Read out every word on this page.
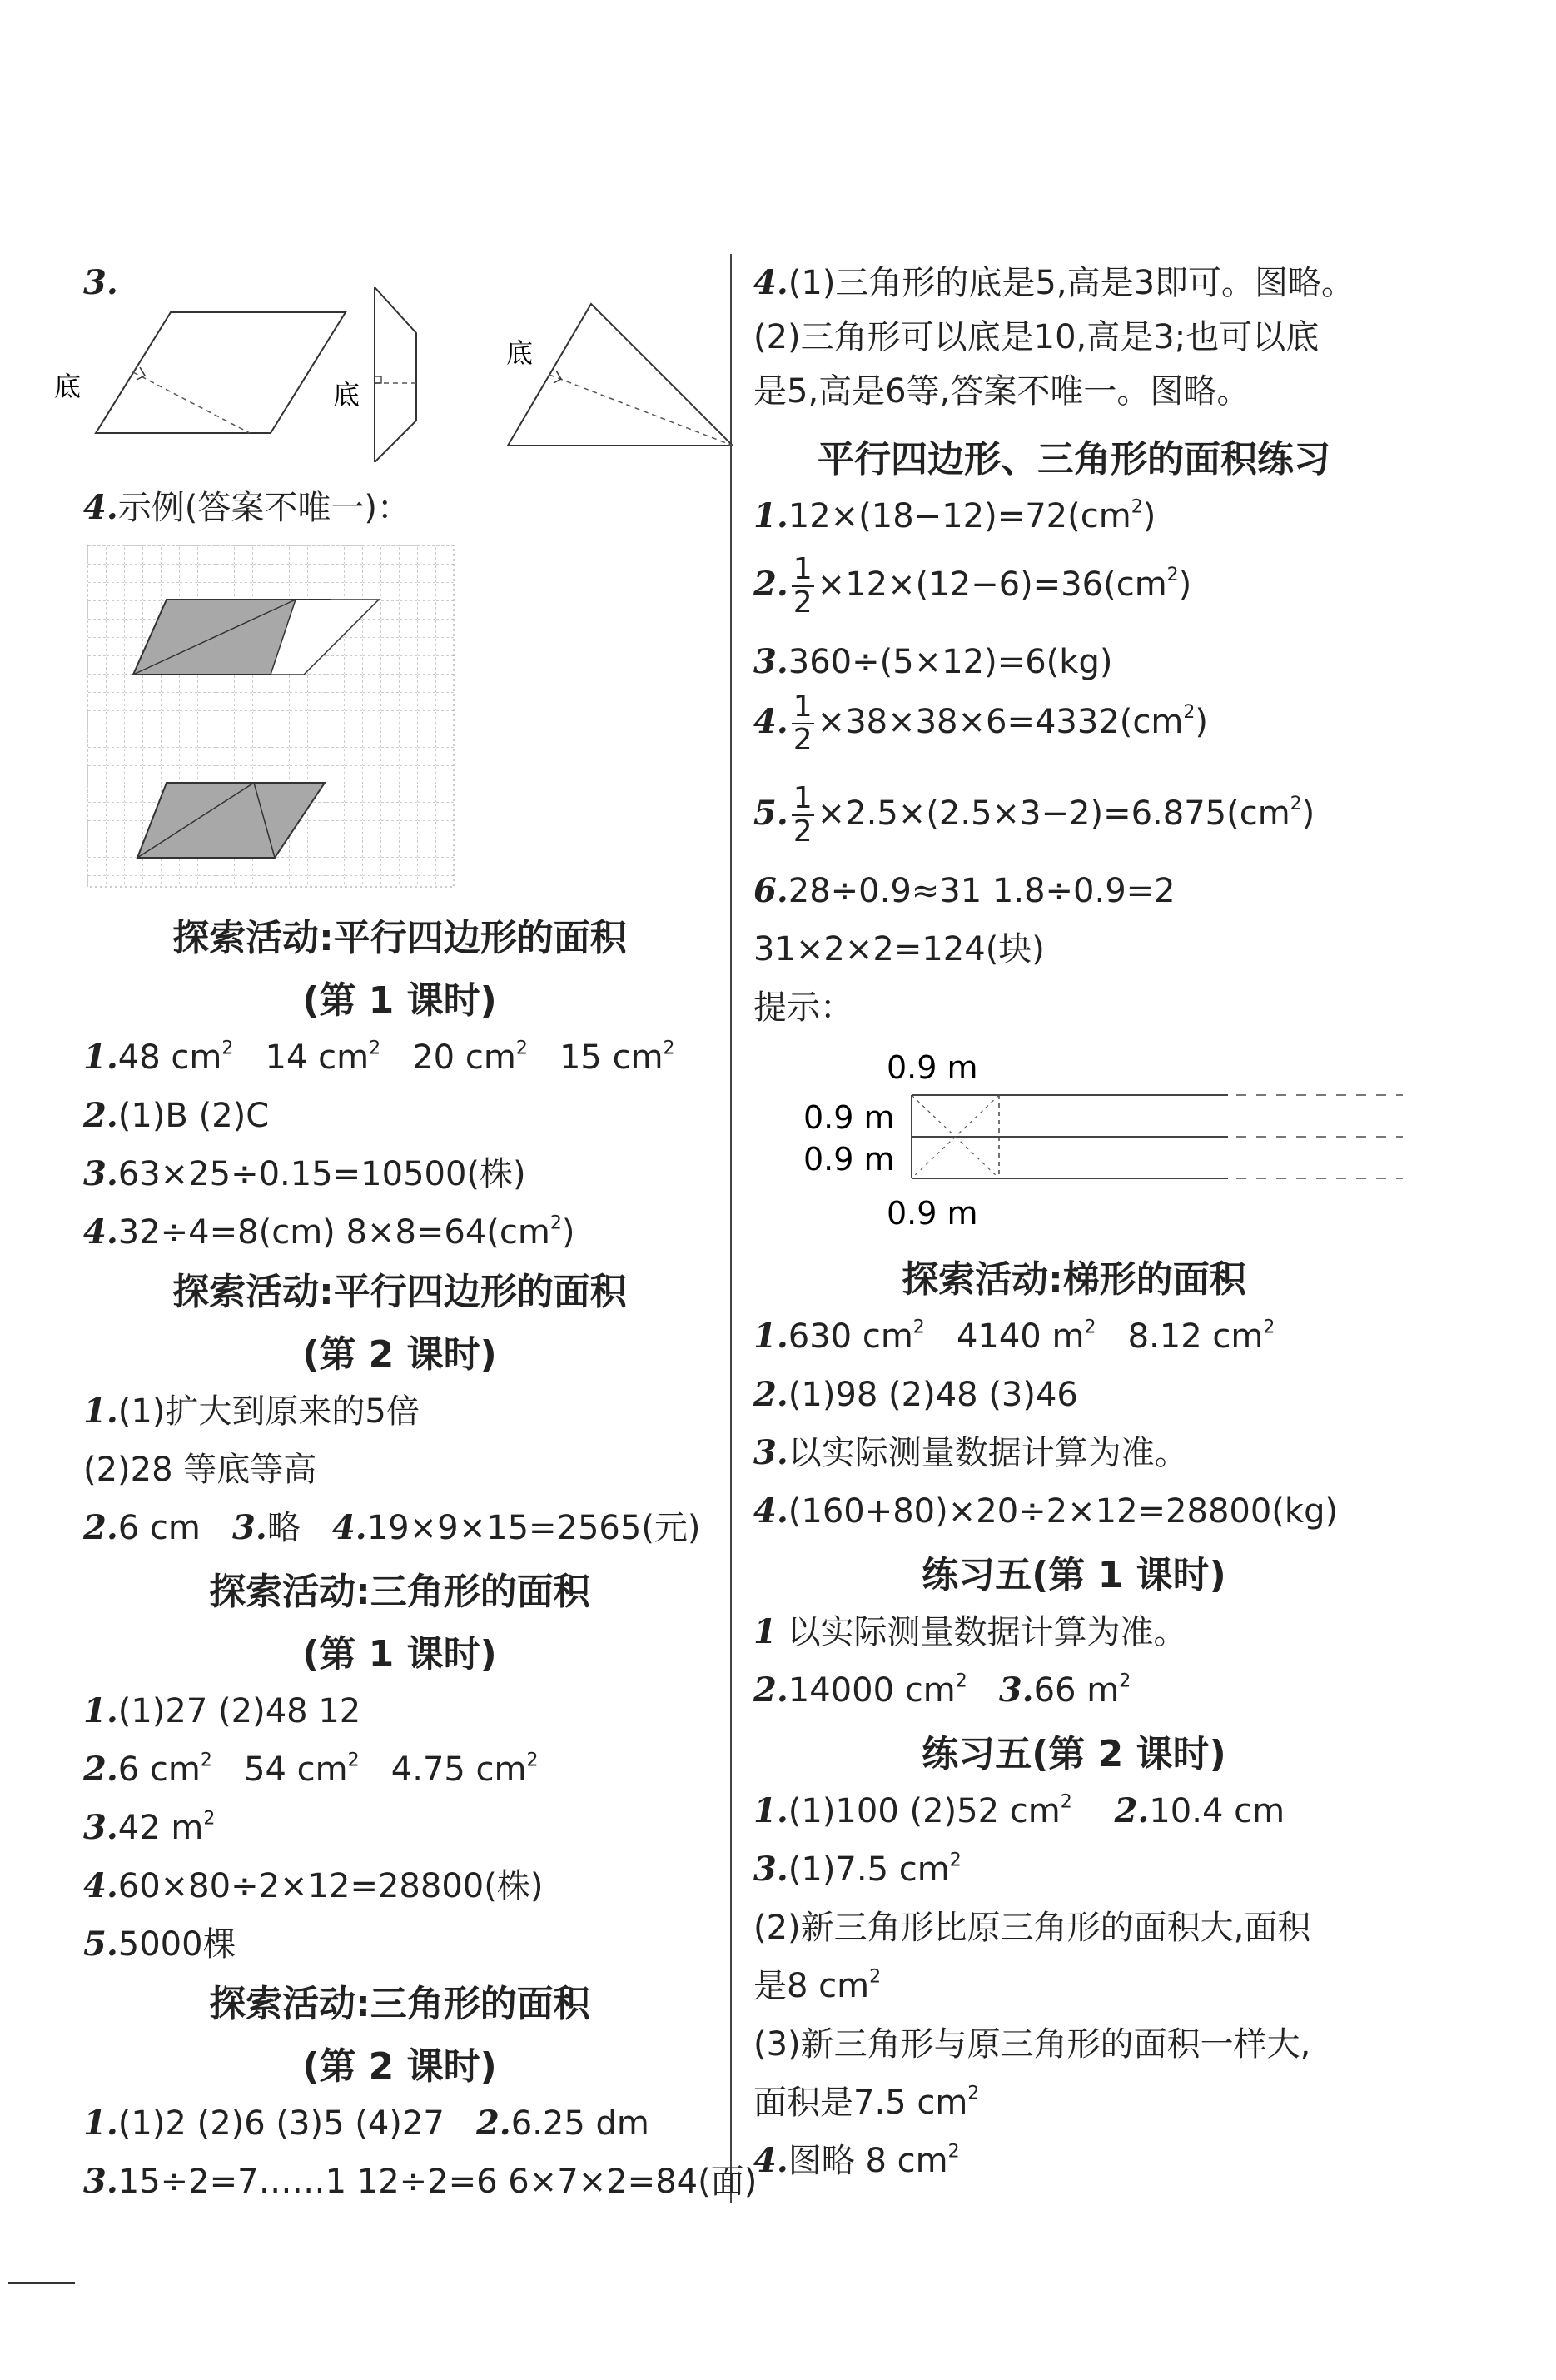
3.
底	底
底
4.示例(答案不唯一)：
探索活动:平行四边形的面积
(第 1 课时)
1.48 $cm^2$ 14 $cm^2$ 20 $cm^2$ 15 $cm^2$
2.(1)B (2)C
3.63×25÷0.15=10500(株)
4.32÷4=8(cm) $8\times 8=64(cm^2)$
探索活动:平行四边形的面积
(第 2 课时)
1.(1)扩大到原来的5倍
(2)28 等底等高
2.6 cm 3.略 4.19×9×15=2565(元)
探索活动:三角形的面积
(第 1 课时)
1.(1)27 (2)48 12
2.6 $cm^2$ 54 $cm^2$ 4.75 $cm^2$
3.42 $m^2$
4.60×80÷2×12=28800(株)
5.5000棵
探索活动:三角形的面积
(第 2 课时)
1.(1)2 (2)6 (3)5 (4)27 2.6.25 dm
3.15÷2=7……1 12÷2=6 6×7×2=84(面)
4.(1)三角形的底是5,高是3即可。图略。
(2)三角形可以底是10,高是3;也可以底
是5,高是6等,答案不唯一。图略。
平行四边形、三角形的面积练习
$1.12\times(18-12)=72(cm^2)$
2. $\frac{1}{2} \times 12\times(12-6)=36(cm^2)$
3.360÷(5×12)=6(kg)
4. $\frac{1}{2} \times 38\times 38\times 6=4332(cm^2)$
5. $\frac{1}{2} \times 2.5\times(2.5\times 3-2)=6.875(cm^2)$
6.28÷0.9≈31 1.8÷0.9=2
31×2×2=124(块)
提示：
0.9 m
0.9 m
0.9 m
0.9 m
探索活动:梯形的面积
1.630 $cm^2$ 4140 $m^2$ 8.12 $cm^2$
2.(1)98 (2)48 (3)46
3.以实际测量数据计算为准。
4.(160+80)×20÷2×12=28800(kg)
练习五(第 1 课时)
1 以实际测量数据计算为准。
2.14000 $cm^2$ 3.66 $m^2$
练习五(第 2 课时)
1.(1)100 (2)52 $cm^2$ 2.10.4 cm
3.(1)7.5 $cm^2$
(2)新三角形比原三角形的面积大,面积
是8 $cm^2$
(3)新三角形与原三角形的面积一样大,
面积是7.5 $cm^2$
4.图略 8 $cm^2$
